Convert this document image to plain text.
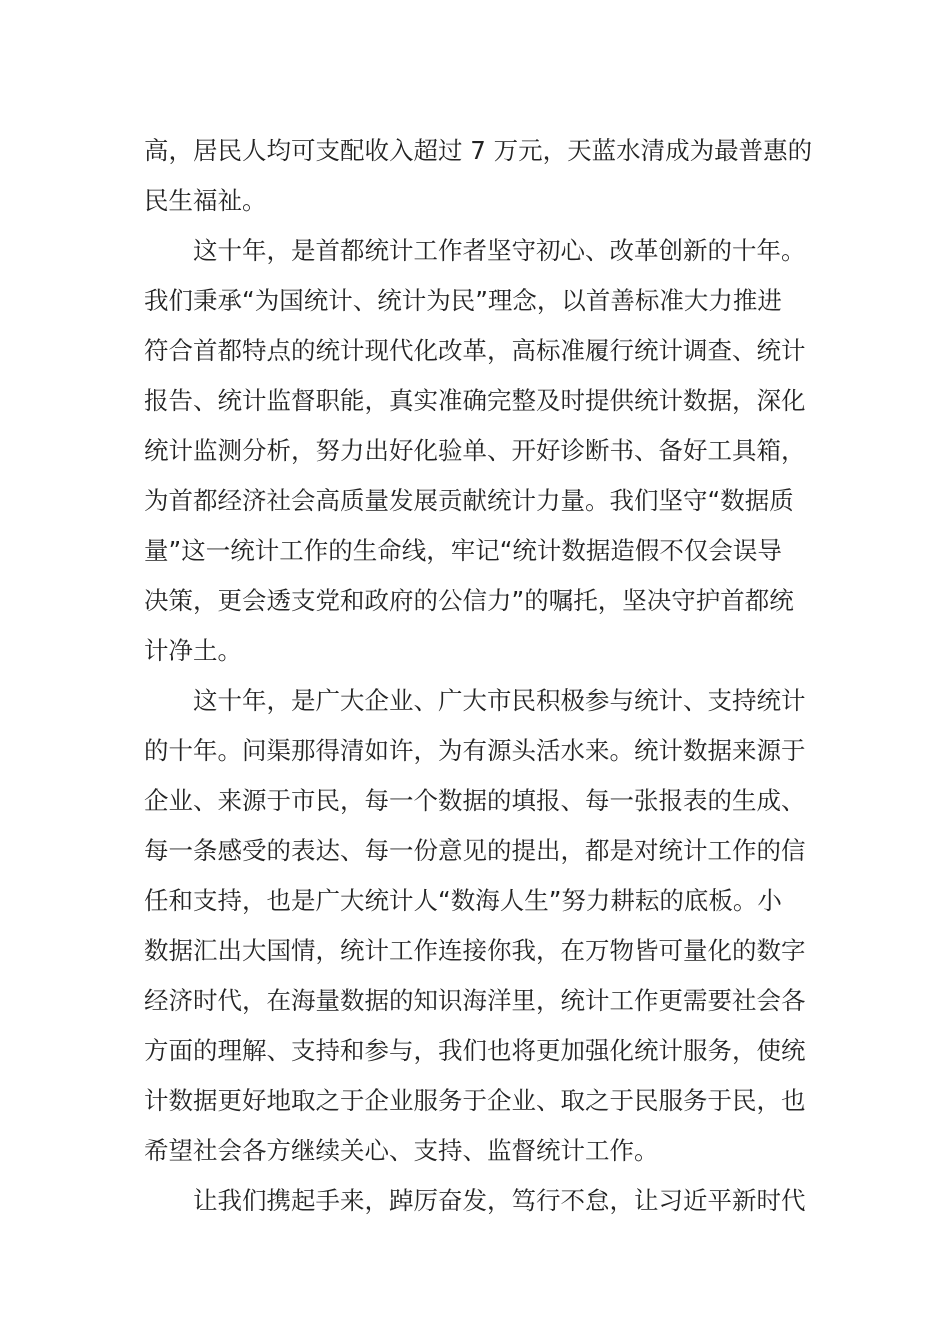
高，居民人均可支配收入超过 7 万元，天蓝水清成为最普惠的
民生福祉。
这十年，是首都统计工作者坚守初心、改革创新的十年。
我们秉承“为国统计、统计为民”理念，以首善标准大力推进
符合首都特点的统计现代化改革，高标准履行统计调查、统计
报告、统计监督职能，真实准确完整及时提供统计数据，深化
统计监测分析，努力出好化验单、开好诊断书、备好工具箱，
为首都经济社会高质量发展贡献统计力量。我们坚守“数据质
量”这一统计工作的生命线，牢记“统计数据造假不仅会误导
决策，更会透支党和政府的公信力”的嘱托，坚决守护首都统
计净土。
这十年，是广大企业、广大市民积极参与统计、支持统计
的十年。问渠那得清如许，为有源头活水来。统计数据来源于
企业、来源于市民，每一个数据的填报、每一张报表的生成、
每一条感受的表达、每一份意见的提出，都是对统计工作的信
任和支持，也是广大统计人“数海人生”努力耕耘的底板。小
数据汇出大国情，统计工作连接你我，在万物皆可量化的数字
经济时代，在海量数据的知识海洋里，统计工作更需要社会各
方面的理解、支持和参与，我们也将更加强化统计服务，使统
计数据更好地取之于企业服务于企业、取之于民服务于民，也
希望社会各方继续关心、支持、监督统计工作。
让我们携起手来，踔厉奋发，笃行不怠，让习近平新时代
